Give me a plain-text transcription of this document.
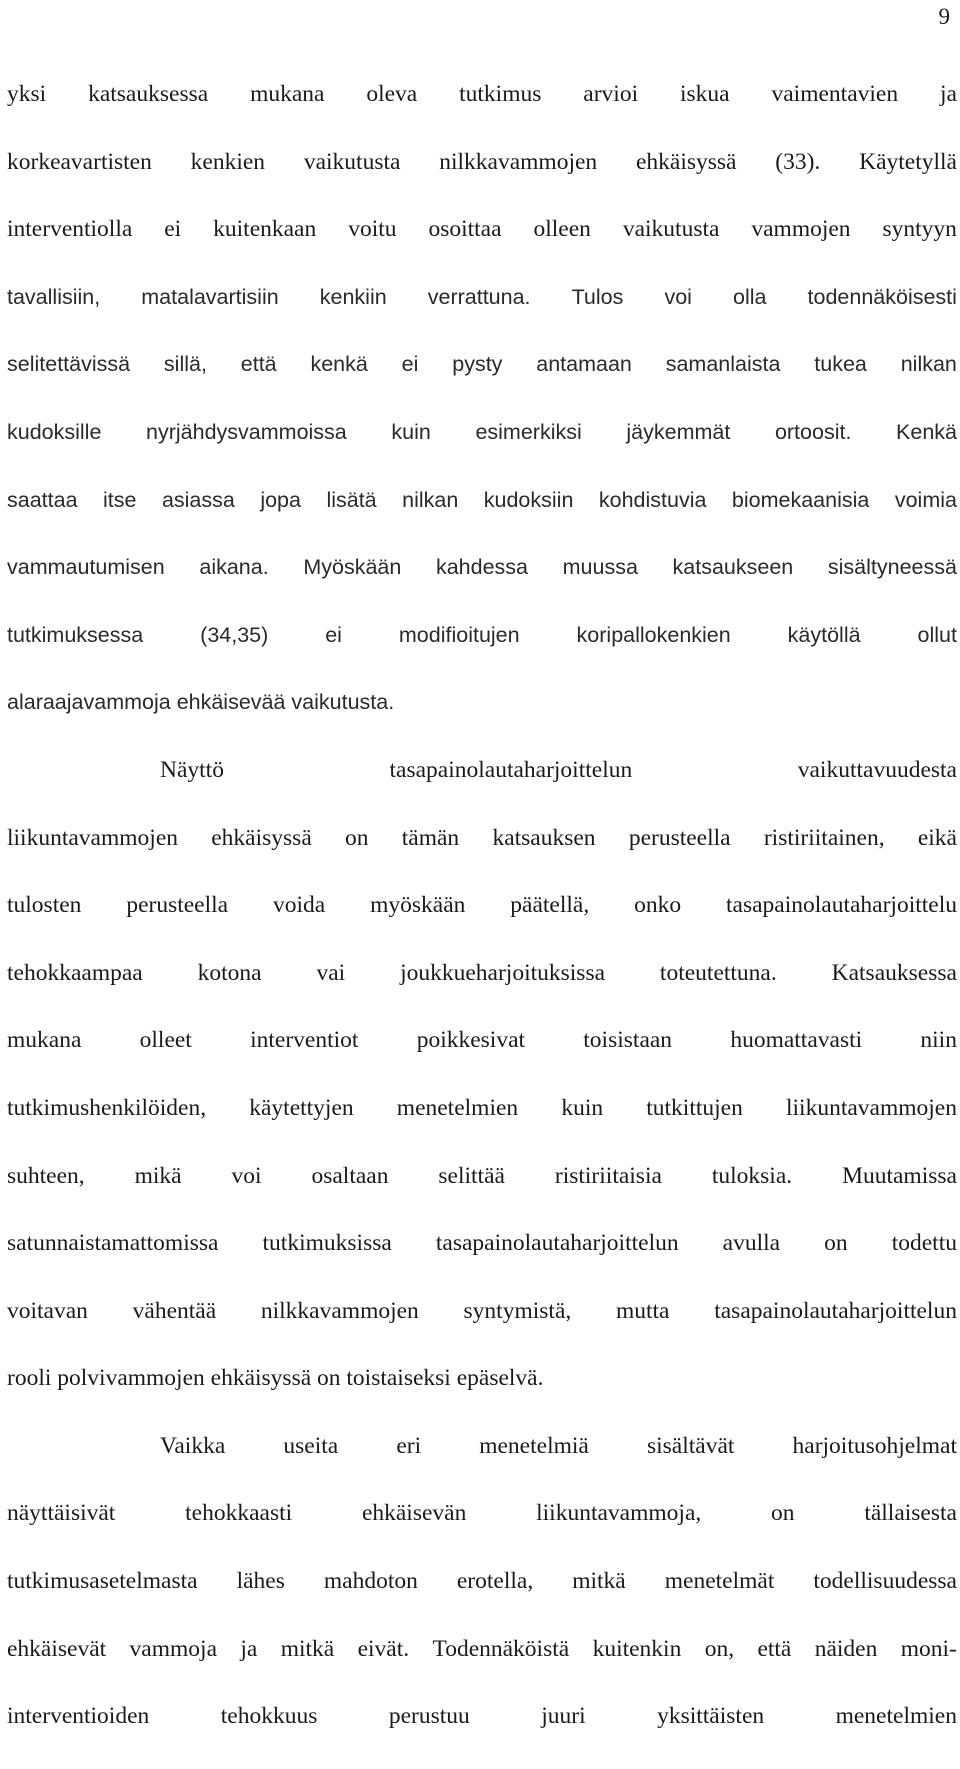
9
yksi katsauksessa mukana oleva tutkimus arvioi iskua vaimentavien ja
korkeavartisten kenkien vaikutusta nilkkavammojen ehkäisyssä (33). Käytetyllä
interventiolla ei kuitenkaan voitu osoittaa olleen vaikutusta vammojen syntyyn
tavallisiin, matalavartisiin kenkiin verrattuna. Tulos voi olla todennäköisesti
selitettävissä sillä, että kenkä ei pysty antamaan samanlaista tukea nilkan
kudoksille nyrjähdysvammoissa kuin esimerkiksi jäykemmät ortoosit. Kenkä
saattaa itse asiassa jopa lisätä nilkan kudoksiin kohdistuvia biomekaanisia voimia
vammautumisen aikana. Myöskään kahdessa muussa katsaukseen sisältyneessä
tutkimuksessa	(34,35)	ei	modifioitujen	koripallokenkien	käytöllä	ollut
alaraajavammoja ehkäisevää vaikutusta.
Näyttö	tasapainolautaharjoittelun	vaikuttavuudesta
liikuntavammojen ehkäisyssä on tämän katsauksen perusteella ristiriitainen, eikä
tulosten perusteella voida myöskään päätellä, onko tasapainolautaharjoittelu
tehokkaampaa kotona vai joukkueharjoituksissa toteutettuna. Katsauksessa
mukana olleet interventiot poikkesivat toisistaan huomattavasti niin
tutkimushenkilöiden, käytettyjen menetelmien kuin tutkittujen liikuntavammojen
suhteen, mikä voi osaltaan selittää ristiriitaisia tuloksia. Muutamissa
satunnaistamattomissa tutkimuksissa tasapainolautaharjoittelun avulla on todettu
voitavan vähentää nilkkavammojen syntymistä, mutta tasapainolautaharjoittelun
rooli polvivammojen ehkäisyssä on toistaiseksi epäselvä.
Vaikka useita eri menetelmiä sisältävät harjoitusohjelmat
näyttäisivät	tehokkaasti	ehkäisevän	liikuntavammoja,	on	tällaisesta
tutkimusasetelmasta lähes mahdoton erotella, mitkä menetelmät todellisuudessa
ehkäisevät vammoja ja mitkä eivät. Todennäköistä kuitenkin on, että näiden moni-
interventioiden	tehokkuus	perustuu	juuri	yksittäisten	menetelmien
